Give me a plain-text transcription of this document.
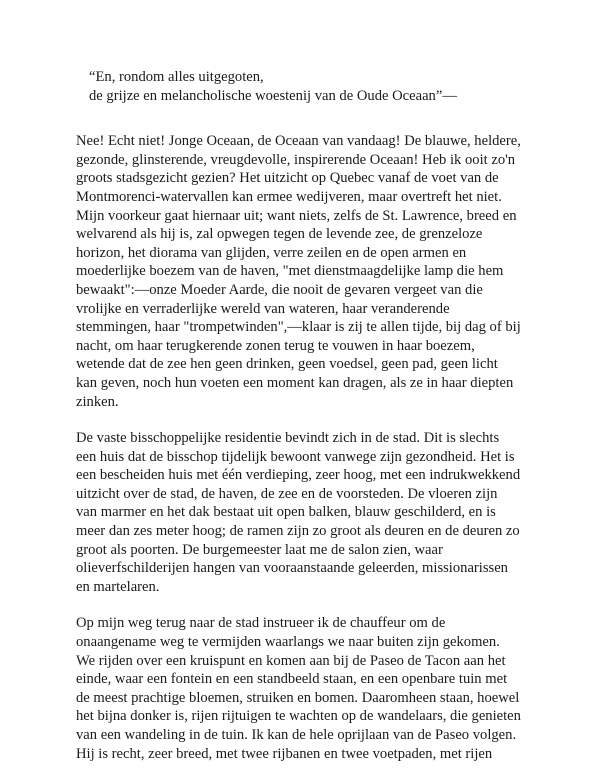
“En, rondom alles uitgegoten,
de grijze en melancholische woestenij van de Oude Oceaan”—
Nee! Echt niet! Jonge Oceaan, de Oceaan van vandaag! De blauwe, heldere,
gezonde, glinsterende, vreugdevolle, inspirerende Oceaan! Heb ik ooit zo'n
groots stadsgezicht gezien? Het uitzicht op Quebec vanaf de voet van de
Montmorenci-watervallen kan ermee wedijveren, maar overtreft het niet.
Mijn voorkeur gaat hiernaar uit; want niets, zelfs de St. Lawrence, breed en
welvarend als hij is, zal opwegen tegen de levende zee, de grenzeloze
horizon, het diorama van glijden, verre zeilen en de open armen en
moederlijke boezem van de haven, "met dienstmaagdelijke lamp die hem
bewaakt":—onze Moeder Aarde, die nooit de gevaren vergeet van die
vrolijke en verraderlijke wereld van wateren, haar veranderende
stemmingen, haar "trompetwinden",—klaar is zij te allen tijde, bij dag of bij
nacht, om haar terugkerende zonen terug te vouwen in haar boezem,
wetende dat de zee hen geen drinken, geen voedsel, geen pad, geen licht
kan geven, noch hun voeten een moment kan dragen, als ze in haar diepten
zinken.
De vaste bisschoppelijke residentie bevindt zich in de stad. Dit is slechts
een huis dat de bisschop tijdelijk bewoont vanwege zijn gezondheid. Het is
een bescheiden huis met één verdieping, zeer hoog, met een indrukwekkend
uitzicht over de stad, de haven, de zee en de voorsteden. De vloeren zijn
van marmer en het dak bestaat uit open balken, blauw geschilderd, en is
meer dan zes meter hoog; de ramen zijn zo groot als deuren en de deuren zo
groot als poorten. De burgemeester laat me de salon zien, waar
olieverfschilderijen hangen van vooraanstaande geleerden, missionarissen
en martelaren.
Op mijn weg terug naar de stad instrueer ik de chauffeur om de
onaangename weg te vermijden waarlangs we naar buiten zijn gekomen.
We rijden over een kruispunt en komen aan bij de Paseo de Tacon aan het
einde, waar een fontein en een standbeeld staan, en een openbare tuin met
de meest prachtige bloemen, struiken en bomen. Daaromheen staan, hoewel
het bijna donker is, rijen rijtuigen te wachten op de wandelaars, die genieten
van een wandeling in de tuin. Ik kan de hele oprijlaan van de Paseo volgen.
Hij is recht, zeer breed, met twee rijbanen en twee voetpaden, met rijen
